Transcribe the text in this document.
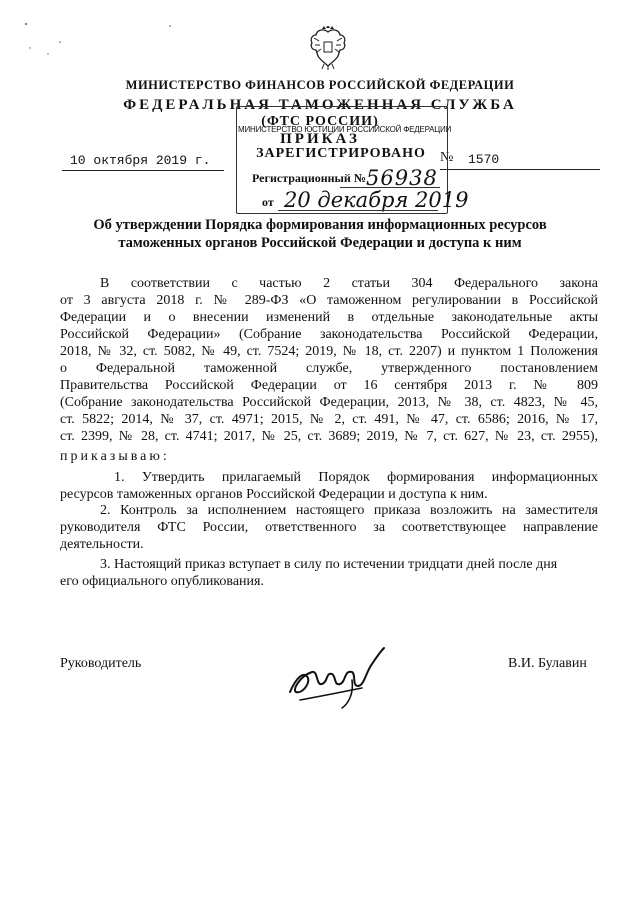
МИНИСТЕРСТВО ФИНАНСОВ РОССИЙСКОЙ ФЕДЕРАЦИИ
ФЕДЕРАЛЬНАЯ ТАМОЖЕННАЯ СЛУЖБА
(ФТС РОССИИ)
ПРИКАЗ
10 октября 2019 г.	№ 1570
МИНИСТЕРСТВО ЮСТИЦИИ РОССИЙСКОЙ ФЕДЕРАЦИИ
ЗАРЕГИСТРИРОВАНО
Регистрационный № 56938
от 20 декабря 2019
Об утверждении Порядка формирования информационных ресурсов
таможенных органов Российской Федерации и доступа к ним
В соответствии с частью 2 статьи 304 Федерального закона
от 3 августа 2018 г. № 289-ФЗ «О таможенном регулировании в Российской
Федерации и о внесении изменений в отдельные законодательные акты
Российской Федерации» (Собрание законодательства Российской Федерации,
2018, № 32, ст. 5082, № 49, ст. 7524; 2019, № 18, ст. 2207) и пунктом 1 Положения
о Федеральной таможенной службе, утвержденного постановлением
Правительства Российской Федерации от 16 сентября 2013 г. № 809
(Собрание законодательства Российской Федерации, 2013, № 38, ст. 4823, № 45,
ст. 5822; 2014, № 37, ст. 4971; 2015, № 2, ст. 491, № 47, ст. 6586; 2016, № 17,
ст. 2399, № 28, ст. 4741; 2017, № 25, ст. 3689; 2019, № 7, ст. 627, № 23, ст. 2955),
приказываю:
1. Утвердить прилагаемый Порядок формирования информационных
ресурсов таможенных органов Российской Федерации и доступа к ним.
2. Контроль за исполнением настоящего приказа возложить на заместителя
руководителя ФТС России, ответственного за соответствующее направление
деятельности.
3. Настоящий приказ вступает в силу по истечении тридцати дней после дня
его официального опубликования.
Руководитель	В.И. Булавин
